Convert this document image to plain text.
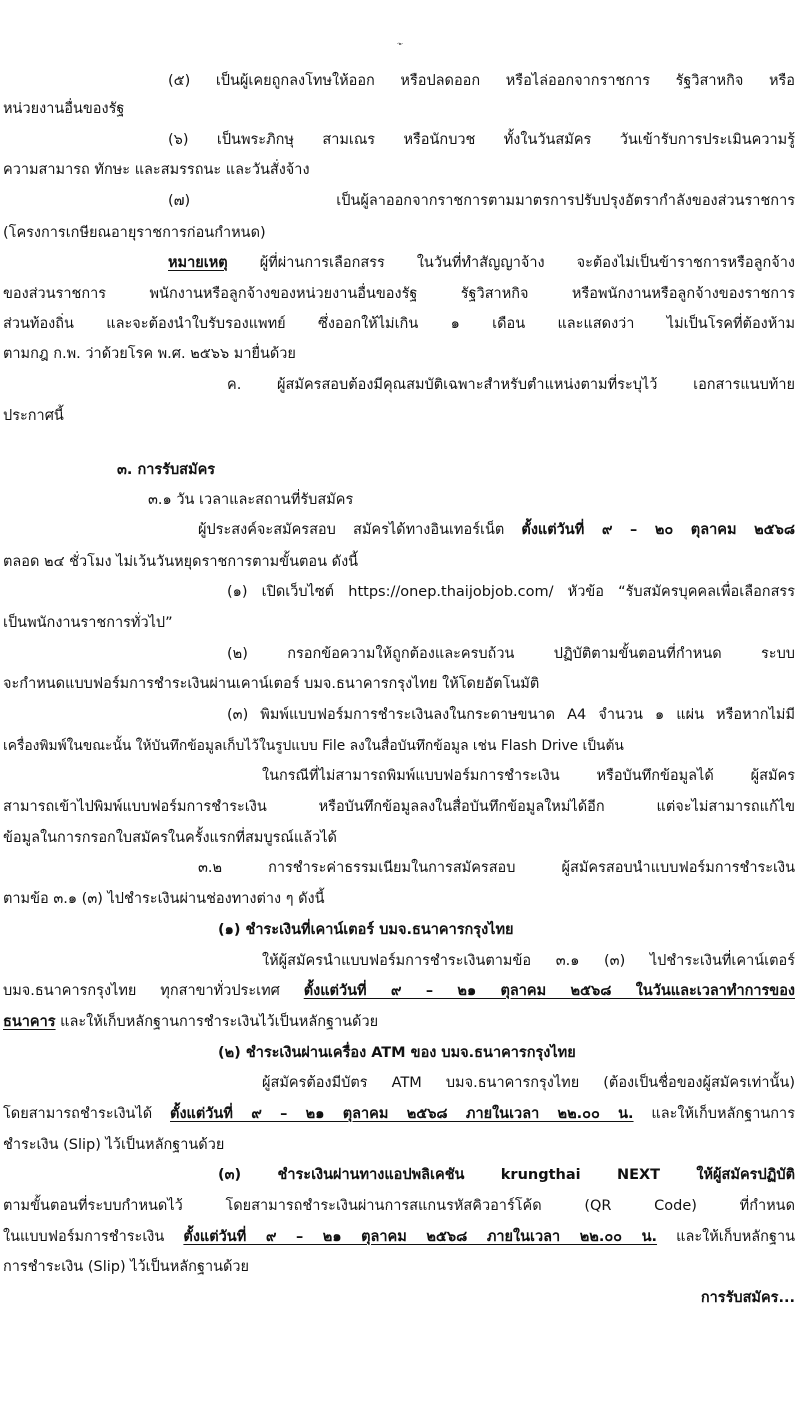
-๒-
(๕) เป็นผู้เคยถูกลงโทษให้ออก หรือปลดออก หรือไล่ออกจากราชการ รัฐวิสาหกิจ หรือ
หน่วยงานอื่นของรัฐ
(๖) เป็นพระภิกษุ สามเณร หรือนักบวช ทั้งในวันสมัคร วันเข้ารับการประเมินความรู้
ความสามารถ ทักษะ และสมรรถนะ และวันสั่งจ้าง
(๗) เป็นผู้ลาออกจากราชการตามมาตรการปรับปรุงอัตรากำลังของส่วนราชการ
(โครงการเกษียณอายุราชการก่อนกำหนด)
หมายเหตุ ผู้ที่ผ่านการเลือกสรร ในวันที่ทำสัญญาจ้าง จะต้องไม่เป็นข้าราชการหรือลูกจ้าง
ของส่วนราชการ พนักงานหรือลูกจ้างของหน่วยงานอื่นของรัฐ รัฐวิสาหกิจ หรือพนักงานหรือลูกจ้างของราชการ
ส่วนท้องถิ่น และจะต้องนำใบรับรองแพทย์ ซึ่งออกให้ไม่เกิน ๑ เดือน และแสดงว่า ไม่เป็นโรคที่ต้องห้าม
ตามกฎ ก.พ. ว่าด้วยโรค พ.ศ. ๒๕๖๖ มายื่นด้วย
ค. ผู้สมัครสอบต้องมีคุณสมบัติเฉพาะสำหรับตำแหน่งตามที่ระบุไว้ เอกสารแนบท้าย
ประกาศนี้
๓. การรับสมัคร
๓.๑ วัน เวลาและสถานที่รับสมัคร
ผู้ประสงค์จะสมัครสอบ สมัครได้ทางอินเทอร์เน็ต ตั้งแต่วันที่ ๙ – ๒๐ ตุลาคม ๒๕๖๘
ตลอด ๒๔ ชั่วโมง ไม่เว้นวันหยุดราชการตามขั้นตอน ดังนี้
(๑) เปิดเว็บไซต์ https://onep.thaijobjob.com/ หัวข้อ “รับสมัครบุคคลเพื่อเลือกสรร
เป็นพนักงานราชการทั่วไป”
(๒) กรอกข้อความให้ถูกต้องและครบถ้วน ปฏิบัติตามขั้นตอนที่กำหนด ระบบ
จะกำหนดแบบฟอร์มการชำระเงินผ่านเคาน์เตอร์ บมจ.ธนาคารกรุงไทย ให้โดยอัตโนมัติ
(๓) พิมพ์แบบฟอร์มการชำระเงินลงในกระดาษขนาด A4 จำนวน ๑ แผ่น หรือหากไม่มี
เครื่องพิมพ์ในขณะนั้น ให้บันทึกข้อมูลเก็บไว้ในรูปแบบ File ลงในสื่อบันทึกข้อมูล เช่น Flash Drive เป็นต้น
ในกรณีที่ไม่สามารถพิมพ์แบบฟอร์มการชำระเงิน หรือบันทึกข้อมูลได้ ผู้สมัคร
สามารถเข้าไปพิมพ์แบบฟอร์มการชำระเงิน หรือบันทึกข้อมูลลงในสื่อบันทึกข้อมูลใหม่ได้อีก แต่จะไม่สามารถแก้ไข
ข้อมูลในการกรอกใบสมัครในครั้งแรกที่สมบูรณ์แล้วได้
๓.๒ การชำระค่าธรรมเนียมในการสมัครสอบ ผู้สมัครสอบนำแบบฟอร์มการชำระเงิน
ตามข้อ ๓.๑ (๓) ไปชำระเงินผ่านช่องทางต่าง ๆ ดังนี้
(๑) ชำระเงินที่เคาน์เตอร์ บมจ.ธนาคารกรุงไทย
ให้ผู้สมัครนำแบบฟอร์มการชำระเงินตามข้อ ๓.๑ (๓) ไปชำระเงินที่เคาน์เตอร์
บมจ.ธนาคารกรุงไทย ทุกสาขาทั่วประเทศ ตั้งแต่วันที่ ๙ – ๒๑ ตุลาคม ๒๕๖๘ ในวันและเวลาทำการของ
ธนาคาร และให้เก็บหลักฐานการชำระเงินไว้เป็นหลักฐานด้วย
(๒) ชำระเงินผ่านเครื่อง ATM ของ บมจ.ธนาคารกรุงไทย
ผู้สมัครต้องมีบัตร ATM บมจ.ธนาคารกรุงไทย (ต้องเป็นชื่อของผู้สมัครเท่านั้น)
โดยสามารถชำระเงินได้ ตั้งแต่วันที่ ๙ – ๒๑ ตุลาคม ๒๕๖๘ ภายในเวลา ๒๒.๐๐ น. และให้เก็บหลักฐานการ
ชำระเงิน (Slip) ไว้เป็นหลักฐานด้วย
(๓) ชำระเงินผ่านทางแอปพลิเคชัน krungthai NEXT ให้ผู้สมัครปฏิบัติ
ตามขั้นตอนที่ระบบกำหนดไว้ โดยสามารถชำระเงินผ่านการสแกนรหัสคิวอาร์โค้ด (QR Code) ที่กำหนด
ในแบบฟอร์มการชำระเงิน ตั้งแต่วันที่ ๙ – ๒๑ ตุลาคม ๒๕๖๘ ภายในเวลา ๒๒.๐๐ น. และให้เก็บหลักฐาน
การชำระเงิน (Slip) ไว้เป็นหลักฐานด้วย
การรับสมัคร...
